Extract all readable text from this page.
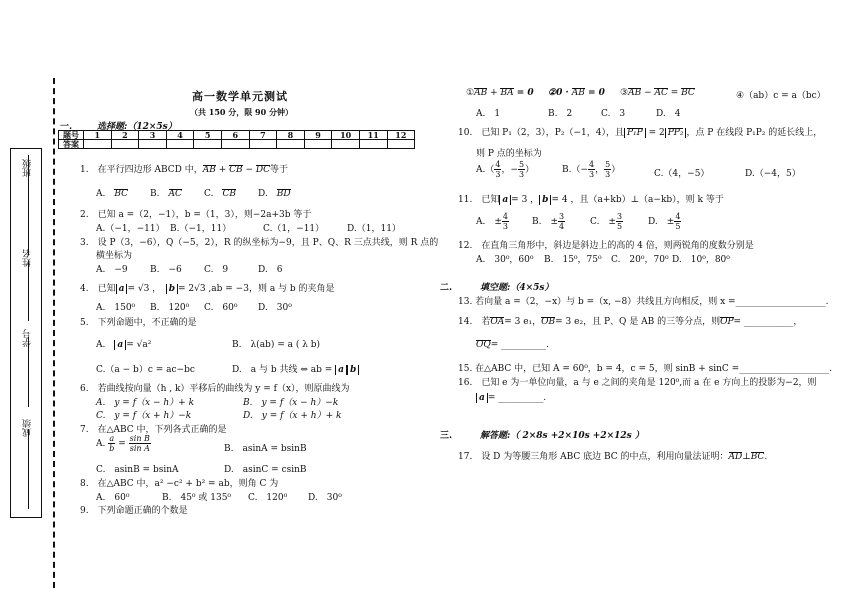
成绩
学号
姓名
班级
高一数学单元测试
（共 150 分，限 90 分钟）
一.	选择题:（12×5s）
题号	1	2	3	4	5	6	7	8	9	10	11	12
答案												
1.　在平行四边形 ABCD 中，AB + CB − DC等于
A.　 BC B.　 AC C.　 CB D.　 BD
2.　已知 a =（2，−1），b =（1，3），则−2a+3b 等于
A.（−1，−11） B.（−1，11）	C.（1，−11）	D.（1，11）
3.　设 P（3，−6），Q（−5，2），R 的纵坐标为−9，且 P、Q、R 三点共线，则 R 点的
横坐标为
A.　−9 B.　−6 C.　9	D.　6
4.　已知 a = √3 ，　 b = 2√3 ,ab = −3，则 a 与 b 的夹角是
A.　150⁰ B.　120⁰ C.　60⁰ D.　30⁰
5.　下列命题中，不正确的是
A.　 a = √a²	B.　λ(ab) = a ( λ b)
C.（a − b）c = ac−bc	D.　a 与 b 共线 ⇔ ab = a b
6.　若曲线按向量（h , k）平移后的曲线为 y = f（x），则原曲线为
A.　y = f（x − h）+ k	B.　y = f（x − h）−k
C.　y = f（x + h）−k	D.　y = f（x + h）+ k
7.　在△ABC 中，下列各式正确的是
A. $\frac{a}{b} = \frac{\text{sin B}}{\text{sin A}}$	B.　asinA = bsinB
C.　asinB = bsinA	D.　asinC = csinB
8.　在△ABC 中，a² −c² + b² = ab，则角 C 为
A.　60⁰	B.　45⁰ 或 135⁰ C.　120⁰ D.　30⁰
9.　下列命题正确的个数是
①AB + BA = 0 ②0 · AB = 0 ③AB − AC = BC	④（ab）c = a（bc）
A.　1	B.　2	C.　3	D.　4
10.　已知 P₁（2，3），P₂（−1，4），且 P₁P = 2 PP₂ ，点 P 在线段 P₁P₂ 的延长线上，
则 P 点的坐标为
$A.( \frac{4}{3}$ ，− $\frac{5}{3}$ ）	$B.(- \frac{4}{3}$ ， $\frac{5}{3}$ ）	C.（4，−5）	D.（−4，5）
11.　已知 a = 3 ， b = 4 ，且（a+kb）⊥（a−kb），则 k 等于
A.　± $\frac{4}{3}$	B.　± $\frac{3}{4}$	C.　± $\frac{3}{5}$	D.　± $\frac{4}{5}$
12.　在直角三角形中，斜边是斜边上的高的 4 倍，则两锐角的度数分别是
A.　30⁰，60⁰ B.　15⁰，75⁰ C.　20⁰，70⁰ D.　10⁰，80⁰
二.	填空题:（4×5s）
13. 若向量 a =（2，−x）与 b =（x, −8）共线且方向相反，则 x =____________________.
14.　若OA= 3 e₁，OB= 3 e₂，且 P、Q 是 AB 的三等分点，则OP= ___________，
OQ= __________.
15. 在△ABC 中，已知 A = 60⁰，b = 4，c = 5，则 sinB + sinC =____________________.
16.　已知 e 为一单位向量，a 与 e 之间的夹角是 120⁰,而 a 在 e 方向上的投影为−2，则
a = __________.
三.	解答题:（ 2×8s +2×10s +2×12s ）
17.　设 D 为等腰三角形 ABC 底边 BC 的中点，利用向量法证明：AD⊥BC.
